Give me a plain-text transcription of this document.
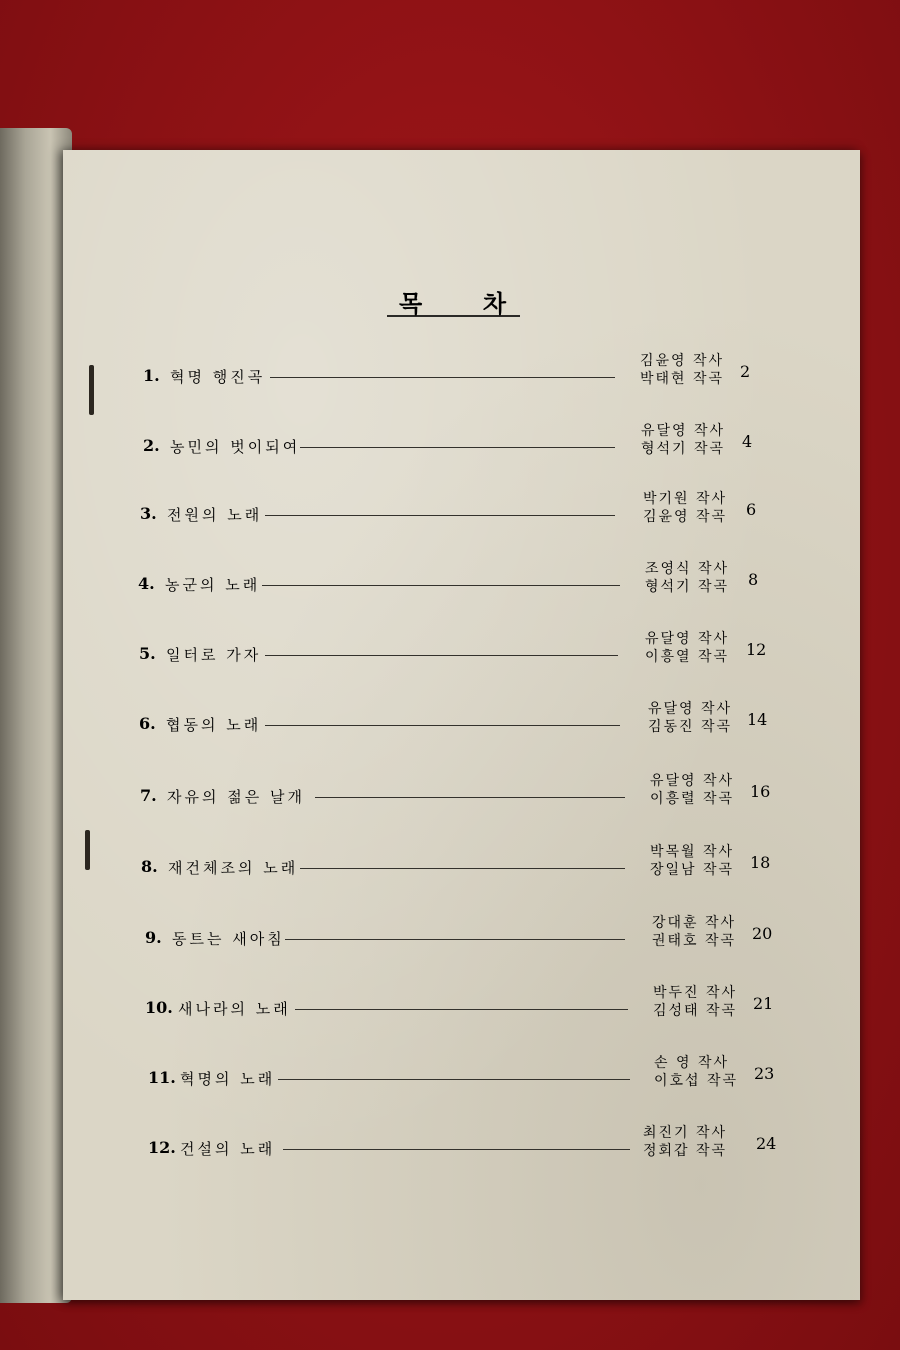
목 차
1. 혁명 행진곡
김윤영 작사
박태현 작곡 2
2. 농민의 벗이되여
유달영 작사
형석기 작곡 4
3. 전원의 노래
박기원 작사
김윤영 작곡 6
4. 농군의 노래
조영식 작사
형석기 작곡 8
5. 일터로 가자
유달영 작사
이흥열 작곡 12
6. 협동의 노래
유달영 작사
김동진 작곡 14
7. 자유의 젊은 날개
유달영 작사
이흥렬 작곡 16
8. 재건체조의 노래
박목월 작사
장일남 작곡 18
9. 동트는 새아침
강대훈 작사
권태호 작곡 20
10. 새나라의 노래
박두진 작사
김성태 작곡 21
11. 혁명의 노래
손 영 작사
이호섭 작곡 23
12. 건설의 노래
최진기 작사
정회갑 작곡 24
